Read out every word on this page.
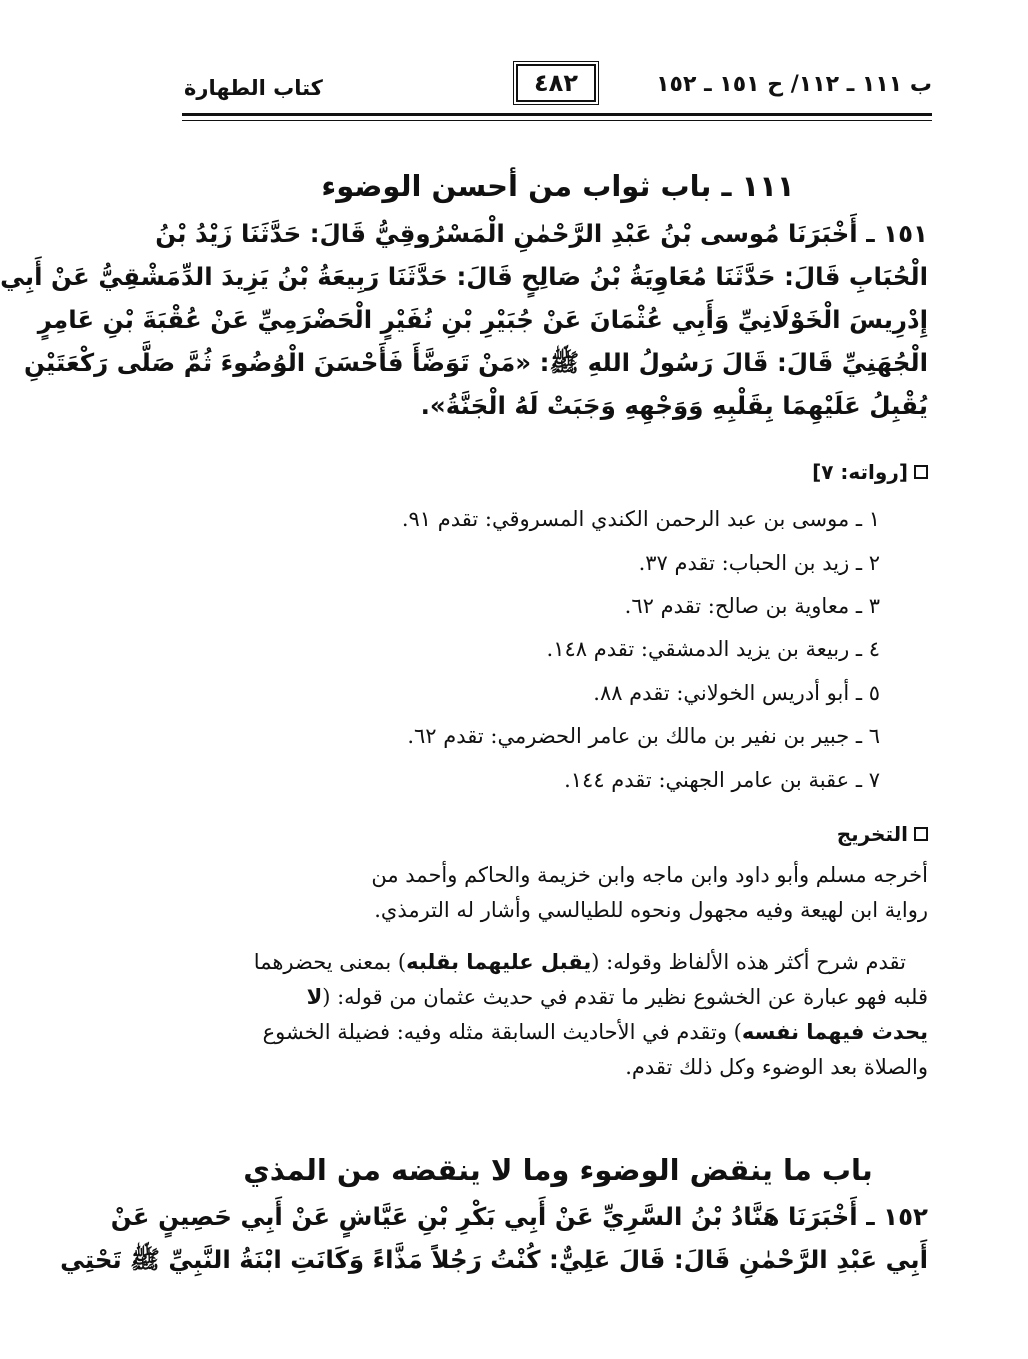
ب ١١١ ـ ١١٢/ ح ١٥١ ـ ١٥٢
٤٨٢
كتاب الطهارة
١١١ ـ باب ثواب من أحسن الوضوء
١٥١ ـ أَخْبَرَنَا مُوسى بْنُ عَبْدِ الرَّحْمٰنِ الْمَسْرُوقِيُّ قَالَ: حَدَّثَنَا زَيْدُ بْنُ
الْحُبَابِ قَالَ: حَدَّثَنَا مُعَاوِيَةُ بْنُ صَالِحٍ قَالَ: حَدَّثَنَا رَبِيعَةُ بْنُ يَزِيدَ الدِّمَشْقِيُّ عَنْ أَبِي
إِدْرِيسَ الْخَوْلَانِيِّ وَأَبِي عُثْمَانَ عَنْ جُبَيْرِ بْنِ نُفَيْرٍ الْحَضْرَمِيِّ عَنْ عُقْبَةَ بْنِ عَامِرٍ
الْجُهَنِيِّ قَالَ: قَالَ رَسُولُ اللهِ ﷺ: «مَنْ تَوَضَّأَ فَأَحْسَنَ الْوُضُوءَ ثُمَّ صَلَّى رَكْعَتَيْنِ
يُقْبِلُ عَلَيْهِمَا بِقَلْبِهِ وَوَجْهِهِ وَجَبَتْ لَهُ الْجَنَّةُ».
[رواته: ٧]
١ ـ موسى بن عبد الرحمن الكندي المسروقي: تقدم ٩١.
٢ ـ زيد بن الحباب: تقدم ٣٧.
٣ ـ معاوية بن صالح: تقدم ٦٢.
٤ ـ ربيعة بن يزيد الدمشقي: تقدم ١٤٨.
٥ ـ أبو أدريس الخولاني: تقدم ٨٨.
٦ ـ جبير بن نفير بن مالك بن عامر الحضرمي: تقدم ٦٢.
٧ ـ عقبة بن عامر الجهني: تقدم ١٤٤.
التخريج
أخرجه مسلم وأبو داود وابن ماجه وابن خزيمة والحاكم وأحمد من
رواية ابن لهيعة وفيه مجهول ونحوه للطيالسي وأشار له الترمذي.
تقدم شرح أكثر هذه الألفاظ وقوله: (يقبل عليهما بقلبه) بمعنى يحضرهما
قلبه فهو عبارة عن الخشوع نظير ما تقدم في حديث عثمان من قوله: (لا
يحدث فيهما نفسه) وتقدم في الأحاديث السابقة مثله وفيه: فضيلة الخشوع
والصلاة بعد الوضوء وكل ذلك تقدم.
باب ما ينقض الوضوء وما لا ينقضه من المذي
١٥٢ ـ أَخْبَرَنَا هَنَّادُ بْنُ السَّرِيِّ عَنْ أَبِي بَكْرِ بْنِ عَيَّاشٍ عَنْ أَبِي حَصِينٍ عَنْ
أَبِي عَبْدِ الرَّحْمٰنِ قَالَ: قَالَ عَلِيٌّ: كُنْتُ رَجُلاً مَذَّاءً وَكَانَتِ ابْنَةُ النَّبِيِّ ﷺ تَحْتِي
